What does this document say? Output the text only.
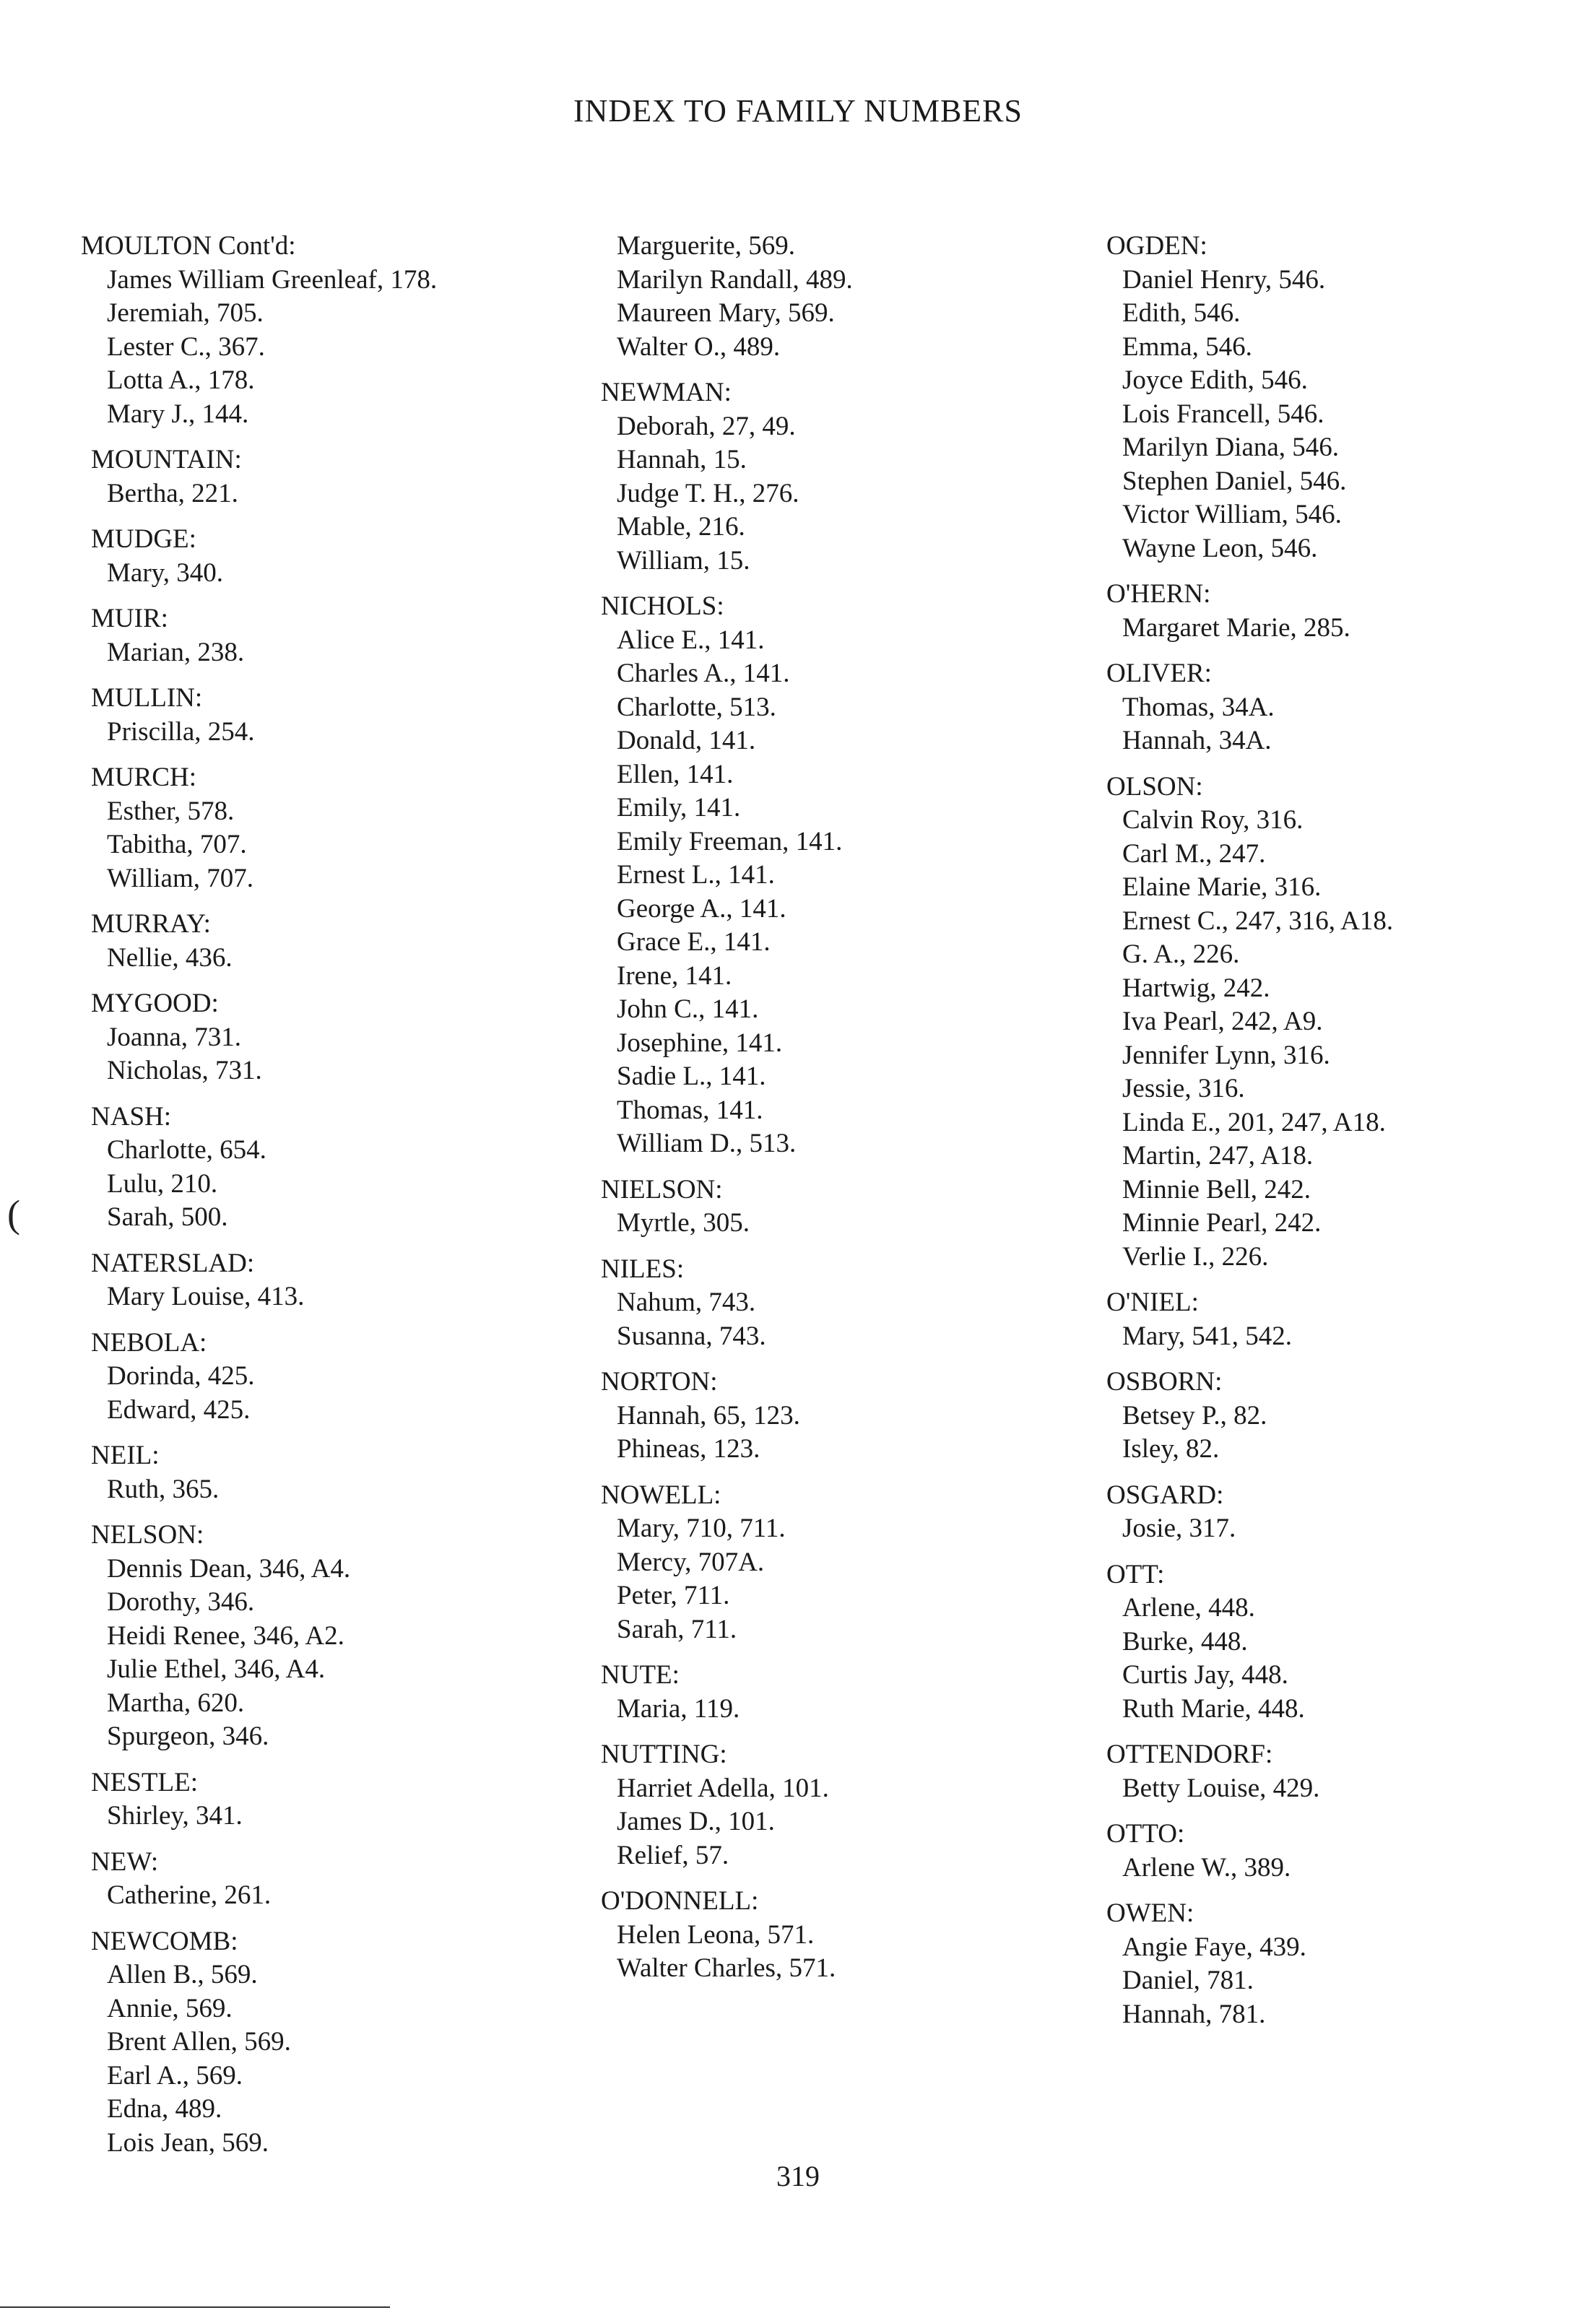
INDEX TO FAMILY NUMBERS
MOULTON Cont'd:
James William Greenleaf, 178.
Jeremiah, 705.
Lester C., 367.
Lotta A., 178.
Mary J., 144.
MOUNTAIN:
Bertha, 221.
MUDGE:
Mary, 340.
MUIR:
Marian, 238.
MULLIN:
Priscilla, 254.
MURCH:
Esther, 578.
Tabitha, 707.
William, 707.
MURRAY:
Nellie, 436.
MYGOOD:
Joanna, 731.
Nicholas, 731.
NASH:
Charlotte, 654.
Lulu, 210.
Sarah, 500.
NATERSLAD:
Mary Louise, 413.
NEBOLA:
Dorinda, 425.
Edward, 425.
NEIL:
Ruth, 365.
NELSON:
Dennis Dean, 346, A4.
Dorothy, 346.
Heidi Renee, 346, A2.
Julie Ethel, 346, A4.
Martha, 620.
Spurgeon, 346.
NESTLE:
Shirley, 341.
NEW:
Catherine, 261.
NEWCOMB:
Allen B., 569.
Annie, 569.
Brent Allen, 569.
Earl A., 569.
Edna, 489.
Lois Jean, 569.
Marguerite, 569.
Marilyn Randall, 489.
Maureen Mary, 569.
Walter O., 489.
NEWMAN:
Deborah, 27, 49.
Hannah, 15.
Judge T. H., 276.
Mable, 216.
William, 15.
NICHOLS:
Alice E., 141.
Charles A., 141.
Charlotte, 513.
Donald, 141.
Ellen, 141.
Emily, 141.
Emily Freeman, 141.
Ernest L., 141.
George A., 141.
Grace E., 141.
Irene, 141.
John C., 141.
Josephine, 141.
Sadie L., 141.
Thomas, 141.
William D., 513.
NIELSON:
Myrtle, 305.
NILES:
Nahum, 743.
Susanna, 743.
NORTON:
Hannah, 65, 123.
Phineas, 123.
NOWELL:
Mary, 710, 711.
Mercy, 707A.
Peter, 711.
Sarah, 711.
NUTE:
Maria, 119.
NUTTING:
Harriet Adella, 101.
James D., 101.
Relief, 57.
O'DONNELL:
Helen Leona, 571.
Walter Charles, 571.
OGDEN:
Daniel Henry, 546.
Edith, 546.
Emma, 546.
Joyce Edith, 546.
Lois Francell, 546.
Marilyn Diana, 546.
Stephen Daniel, 546.
Victor William, 546.
Wayne Leon, 546.
O'HERN:
Margaret Marie, 285.
OLIVER:
Thomas, 34A.
Hannah, 34A.
OLSON:
Calvin Roy, 316.
Carl M., 247.
Elaine Marie, 316.
Ernest C., 247, 316, A18.
G. A., 226.
Hartwig, 242.
Iva Pearl, 242, A9.
Jennifer Lynn, 316.
Jessie, 316.
Linda E., 201, 247, A18.
Martin, 247, A18.
Minnie Bell, 242.
Minnie Pearl, 242.
Verlie I., 226.
O'NIEL:
Mary, 541, 542.
OSBORN:
Betsey P., 82.
Isley, 82.
OSGARD:
Josie, 317.
OTT:
Arlene, 448.
Burke, 448.
Curtis Jay, 448.
Ruth Marie, 448.
OTTENDORF:
Betty Louise, 429.
OTTO:
Arlene W., 389.
OWEN:
Angie Faye, 439.
Daniel, 781.
Hannah, 781.
(
319
